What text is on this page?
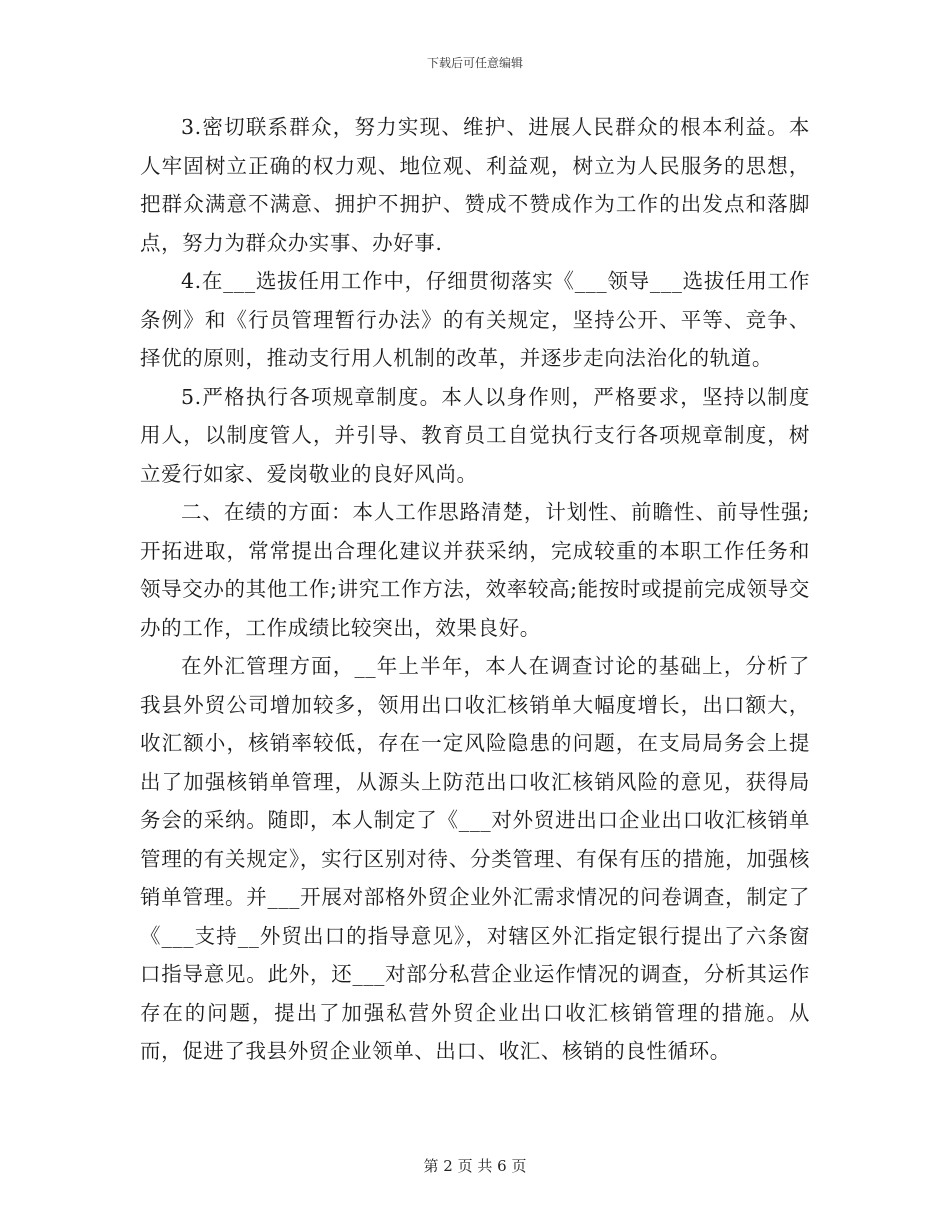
下载后可任意编辑

3.密切联系群众，努力实现、维护、进展人民群众的根本利益。本人牢固树立正确的权力观、地位观、利益观，树立为人民服务的思想，把群众满意不满意、拥护不拥护、赞成不赞成作为工作的出发点和落脚点，努力为群众办实事、办好事.

4.在___选拔任用工作中，仔细贯彻落实《___领导___选拔任用工作条例》和《行员管理暂行办法》的有关规定，坚持公开、平等、竞争、择优的原则，推动支行用人机制的改革，并逐步走向法治化的轨道。

5.严格执行各项规章制度。本人以身作则，严格要求，坚持以制度用人，以制度管人，并引导、教育员工自觉执行支行各项规章制度，树立爱行如家、爱岗敬业的良好风尚。

二、在绩的方面：本人工作思路清楚，计划性、前瞻性、前导性强;开拓进取，常常提出合理化建议并获采纳，完成较重的本职工作任务和领导交办的其他工作;讲究工作方法，效率较高;能按时或提前完成领导交办的工作，工作成绩比较突出，效果良好。

在外汇管理方面，__年上半年，本人在调查讨论的基础上，分析了我县外贸公司增加较多，领用出口收汇核销单大幅度增长，出口额大，收汇额小，核销率较低，存在一定风险隐患的问题，在支局局务会上提出了加强核销单管理，从源头上防范出口收汇核销风险的意见，获得局务会的采纳。随即，本人制定了《___对外贸进出口企业出口收汇核销单管理的有关规定》，实行区别对待、分类管理、有保有压的措施，加强核销单管理。并___开展对部格外贸企业外汇需求情况的问卷调查，制定了《___支持__外贸出口的指导意见》，对辖区外汇指定银行提出了六条窗口指导意见。此外，还___对部分私营企业运作情况的调查，分析其运作存在的问题，提出了加强私营外贸企业出口收汇核销管理的措施。从而，促进了我县外贸企业领单、出口、收汇、核销的良性循环。

第 2 页 共 6 页
